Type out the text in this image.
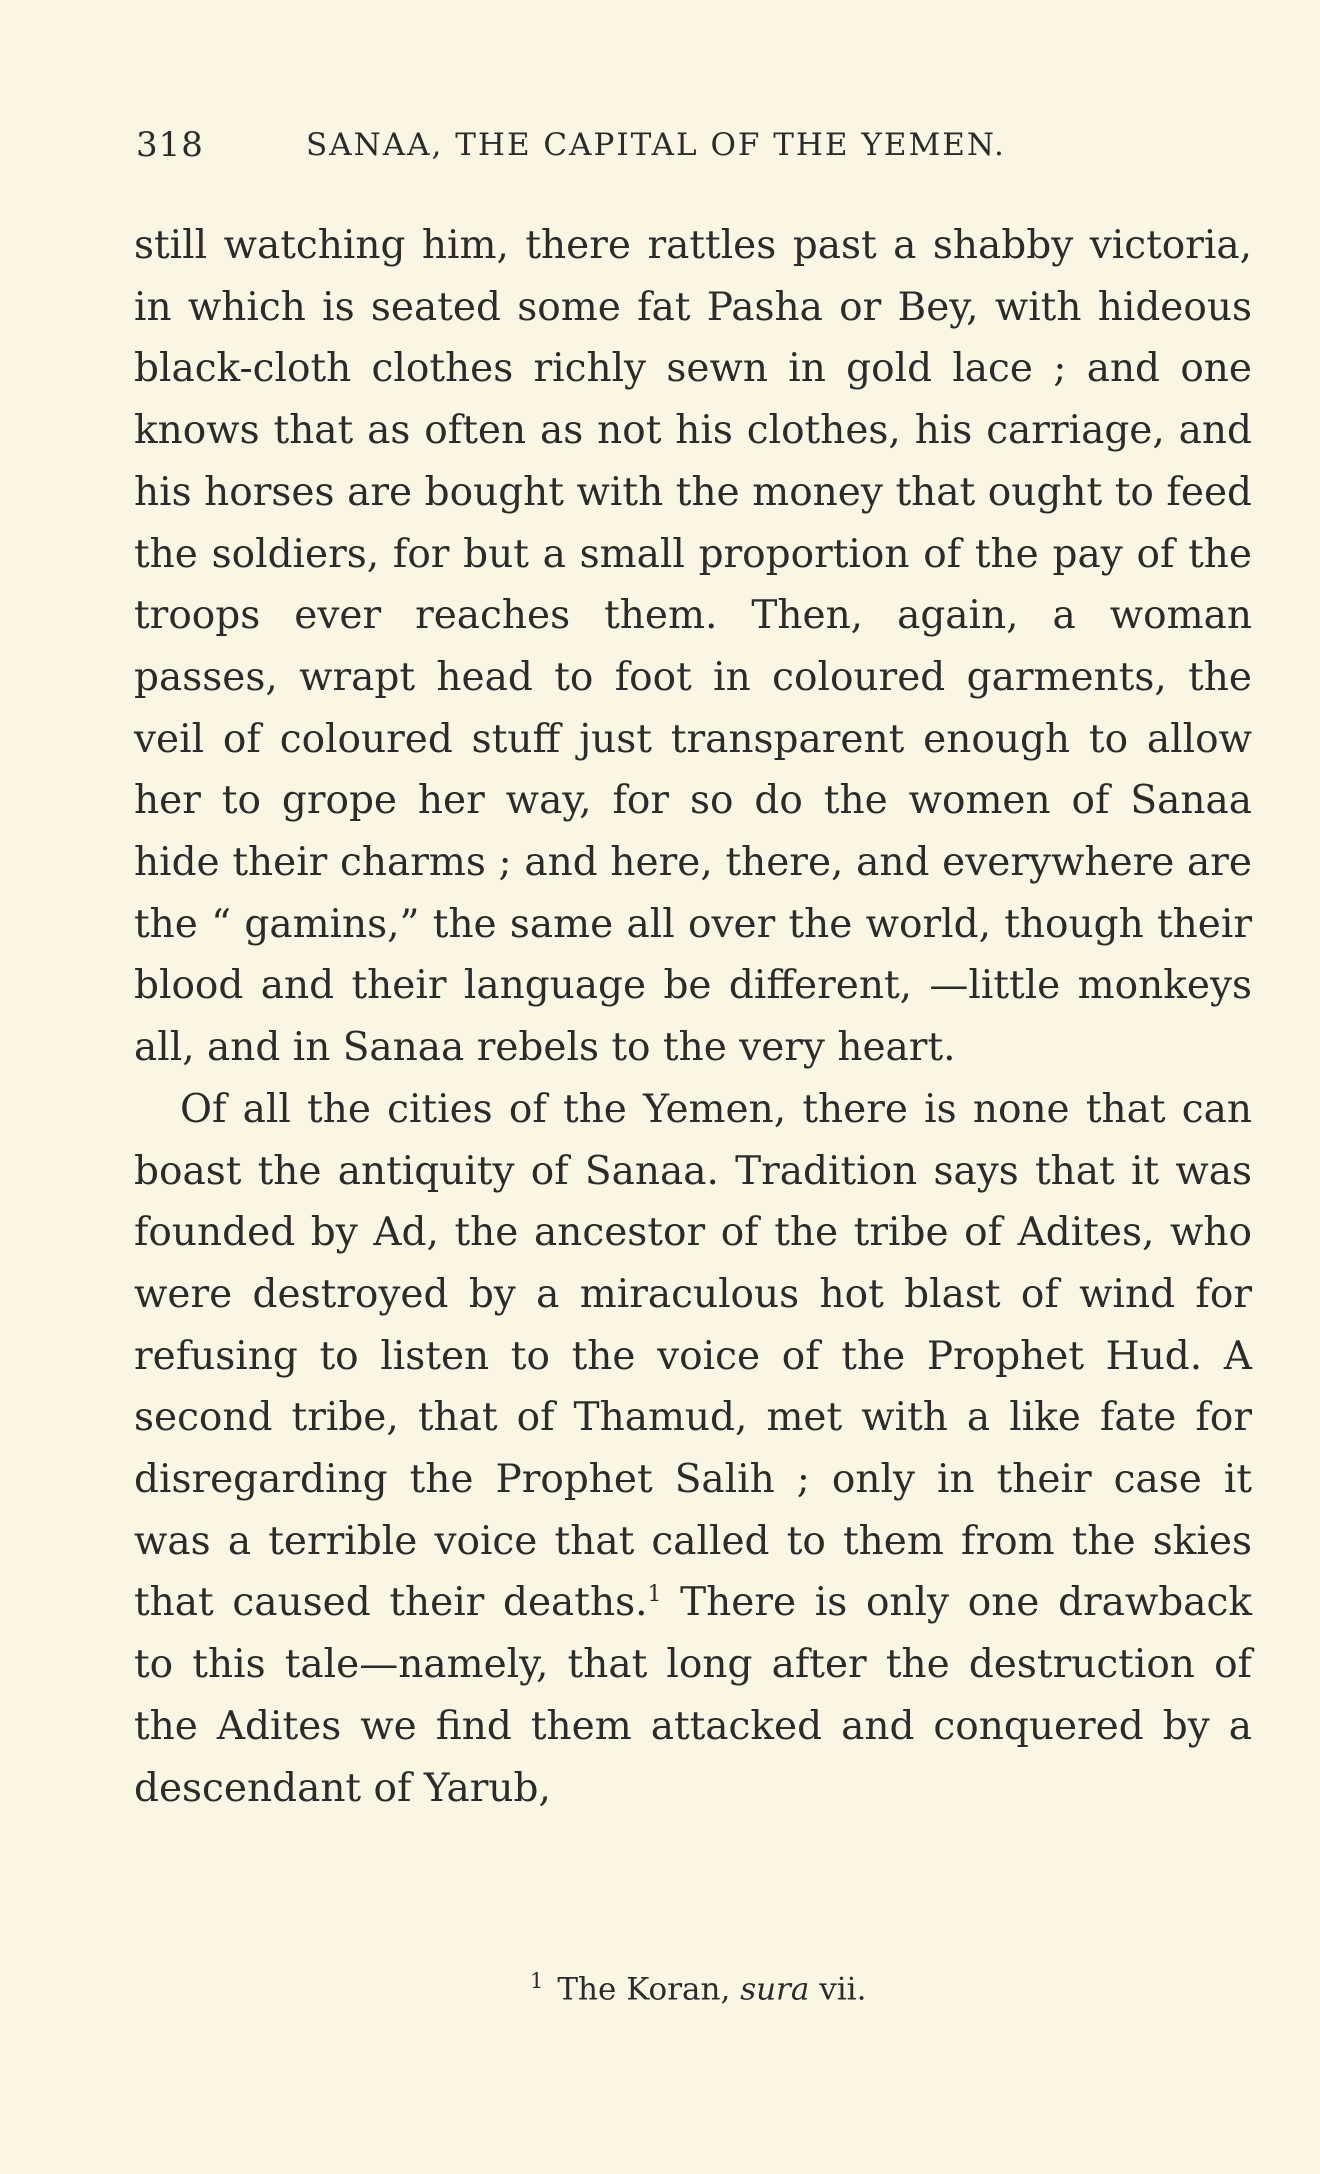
318	SANAA, THE CAPITAL OF THE YEMEN.

still watching him, there rattles past a shabby victoria, in which is seated some fat Pasha or Bey, with hideous black-cloth clothes richly sewn in gold lace ; and one knows that as often as not his clothes, his carriage, and his horses are bought with the money that ought to feed the soldiers, for but a small proportion of the pay of the troops ever reaches them. Then, again, a woman passes, wrapt head to foot in coloured garments, the veil of coloured stuff just transparent enough to allow her to grope her way, for so do the women of Sanaa hide their charms ; and here, there, and everywhere are the “ gamins,” the same all over the world, though their blood and their language be different, —little monkeys all, and in Sanaa rebels to the very heart.

Of all the cities of the Yemen, there is none that can boast the antiquity of Sanaa. Tradition says that it was founded by Ad, the ancestor of the tribe of Adites, who were destroyed by a miraculous hot blast of wind for refusing to listen to the voice of the Prophet Hud. A second tribe, that of Thamud, met with a like fate for disregarding the Prophet Salih ; only in their case it was a terrible voice that called to them from the skies that caused their deaths.$^1$ There is only one drawback to this tale—namely, that long after the destruction of the Adites we find them attacked and conquered by a descendant of Yarub,

$^1$ The Koran, sura vii.
